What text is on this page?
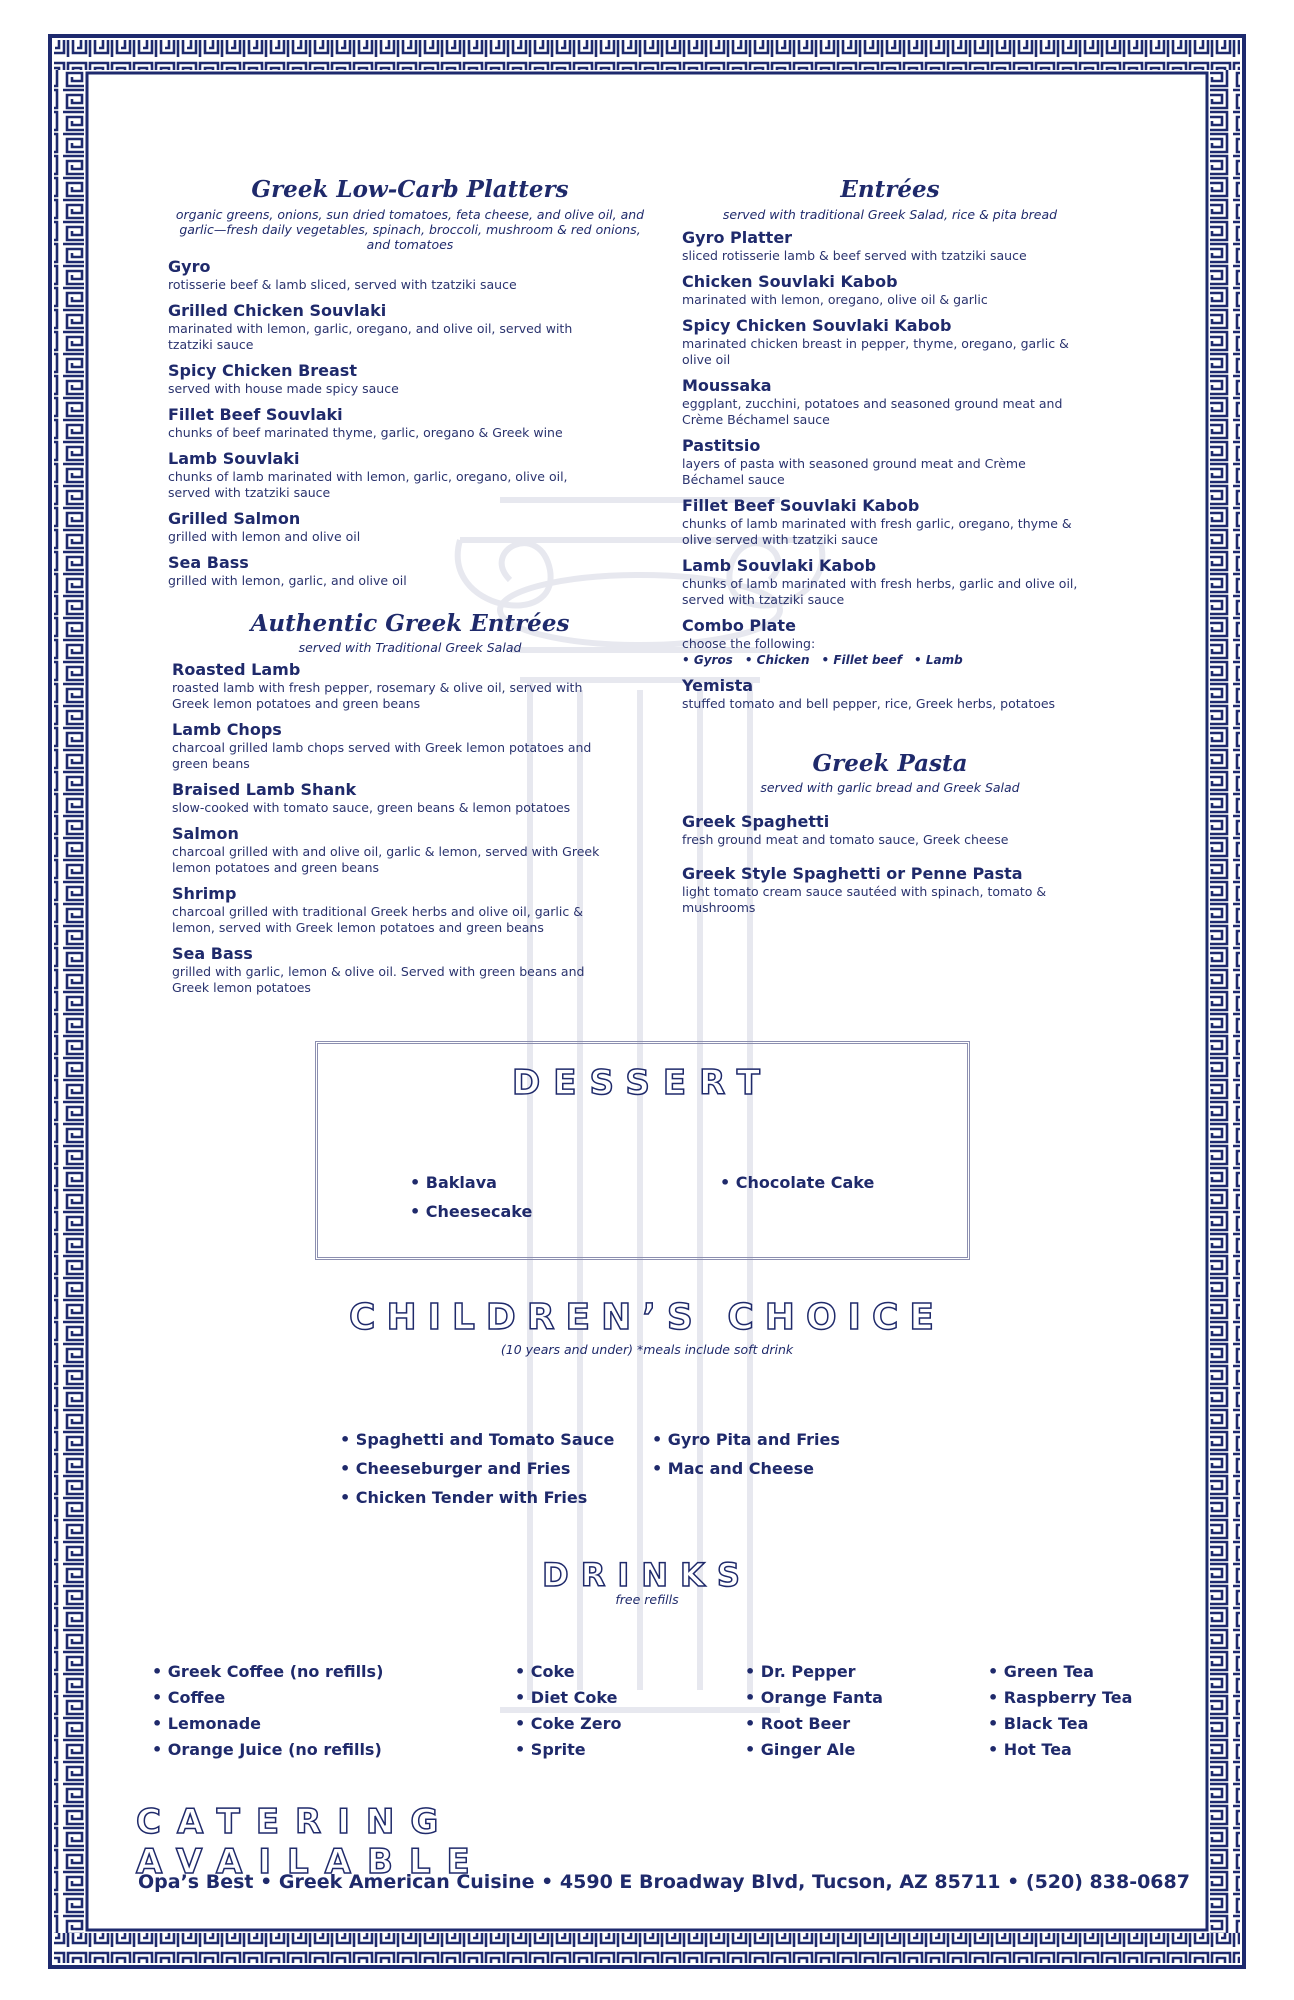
Greek Low-Carb Platters

organic greens, onions, sun dried tomatoes, feta cheese, and olive oil, and garlic—fresh daily vegetables, spinach, broccoli, mushroom & red onions, and tomatoes

Gyro
rotisserie beef & lamb sliced, served with tzatziki sauce
Grilled Chicken Souvlaki
marinated with lemon, garlic, oregano, and olive oil, served with tzatziki sauce
Spicy Chicken Breast
served with house made spicy sauce
Fillet Beef Souvlaki
chunks of beef marinated thyme, garlic, oregano & Greek wine
Lamb Souvlaki
chunks of lamb marinated with lemon, garlic, oregano, olive oil, served with tzatziki sauce
Grilled Salmon
grilled with lemon and olive oil
Sea Bass
grilled with lemon, garlic, and olive oil
Authentic Greek Entrées

served with Traditional Greek Salad

Roasted Lamb
roasted lamb with fresh pepper, rosemary & olive oil, served with Greek lemon potatoes and green beans
Lamb Chops
charcoal grilled lamb chops served with Greek lemon potatoes and green beans
Braised Lamb Shank
slow-cooked with tomato sauce, green beans & lemon potatoes
Salmon
charcoal grilled with and olive oil, garlic & lemon, served with Greek lemon potatoes and green beans
Shrimp
charcoal grilled with traditional Greek herbs and olive oil, garlic & lemon, served with Greek lemon potatoes and green beans
Sea Bass
grilled with garlic, lemon & olive oil. Served with green beans and Greek lemon potatoes
Entrées

served with traditional Greek Salad, rice & pita bread

Gyro Platter
sliced rotisserie lamb & beef served with tzatziki sauce
Chicken Souvlaki Kabob
marinated with lemon, oregano, olive oil & garlic
Spicy Chicken Souvlaki Kabob
marinated chicken breast in pepper, thyme, oregano, garlic & olive oil
Moussaka
eggplant, zucchini, potatoes and seasoned ground meat and Crème Béchamel sauce
Pastitsio
layers of pasta with seasoned ground meat and Crème Béchamel sauce
Fillet Beef Souvlaki Kabob
chunks of lamb marinated with fresh garlic, oregano, thyme & olive served with tzatziki sauce
Lamb Souvlaki Kabob
chunks of lamb marinated with fresh herbs, garlic and olive oil, served with tzatziki sauce
Combo Plate
choose the following:
• Gyros • Chicken • Fillet beef • Lamb
Yemista
stuffed tomato and bell pepper, rice, Greek herbs, potatoes
Greek Pasta

served with garlic bread and Greek Salad

Greek Spaghetti
fresh ground meat and tomato sauce, Greek cheese
Greek Style Spaghetti or Penne Pasta
light tomato cream sauce sautéed with spinach, tomato & mushrooms
DESSERT
• Baklava
• Cheesecake
• Chocolate Cake
CHILDREN’S CHOICE

(10 years and under) *meals include soft drink

• Spaghetti and Tomato Sauce
• Cheeseburger and Fries
• Chicken Tender with Fries
• Gyro Pita and Fries
• Mac and Cheese
DRINKS

free refills

• Greek Coffee (no refills)
• Coffee
• Lemonade
• Orange Juice (no refills)
• Coke
• Diet Coke
• Coke Zero
• Sprite
• Dr. Pepper
• Orange Fanta
• Root Beer
• Ginger Ale
• Green Tea
• Raspberry Tea
• Black Tea
• Hot Tea
CATERING AVAILABLE

Opa’s Best • Greek American Cuisine • 4590 E Broadway Blvd, Tucson, AZ 85711 • (520) 838-0687
